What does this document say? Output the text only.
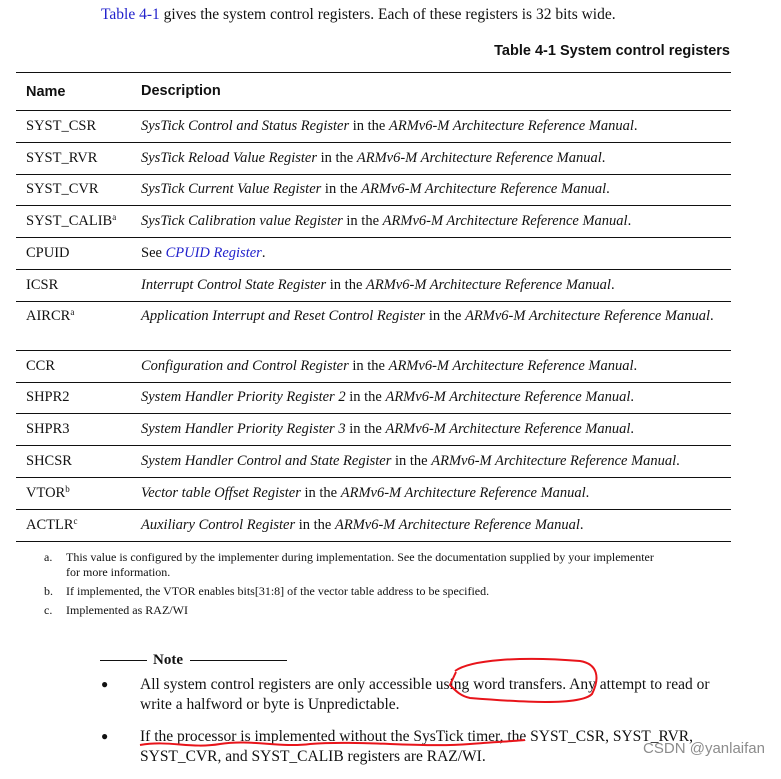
Table 4-1 gives the system control registers. Each of these registers is 32 bits wide.
Table 4-1 System control registers
Name	Description
SYST_CSR	SysTick Control and Status Register in the ARMv6-M Architecture Reference Manual.
SYST_RVR	SysTick Reload Value Register in the ARMv6-M Architecture Reference Manual.
SYST_CVR	SysTick Current Value Register in the ARMv6-M Architecture Reference Manual.
SYST_CALIB$^a$	SysTick Calibration value Register in the ARMv6-M Architecture Reference Manual.
CPUID	See CPUID Register.
ICSR	Interrupt Control State Register in the ARMv6-M Architecture Reference Manual.
AIRCR$^a$	Application Interrupt and Reset Control Register in the ARMv6-M Architecture Reference Manual.
CCR	Configuration and Control Register in the ARMv6-M Architecture Reference Manual.
SHPR2	System Handler Priority Register 2 in the ARMv6-M Architecture Reference Manual.
SHPR3	System Handler Priority Register 3 in the ARMv6-M Architecture Reference Manual.
SHCSR	System Handler Control and State Register in the ARMv6-M Architecture Reference Manual.
VTOR$^b$	Vector table Offset Register in the ARMv6-M Architecture Reference Manual.
ACTLR$^c$	Auxiliary Control Register in the ARMv6-M Architecture Reference Manual.
a.	This value is configured by the implementer during implementation. See the documentation supplied by your implementer for more information.
b.	If implemented, the VTOR enables bits[31:8] of the vector table address to be specified.
c.	Implemented as RAZ/WI
Note
●	All system control registers are only accessible using word transfers. Any attempt to read or write a halfword or byte is Unpredictable.
●	If the processor is implemented without the SysTick timer, the SYST_CSR, SYST_RVR, SYST_CVR, and SYST_CALIB registers are RAZ/WI.	CSDN @yanlaifan
